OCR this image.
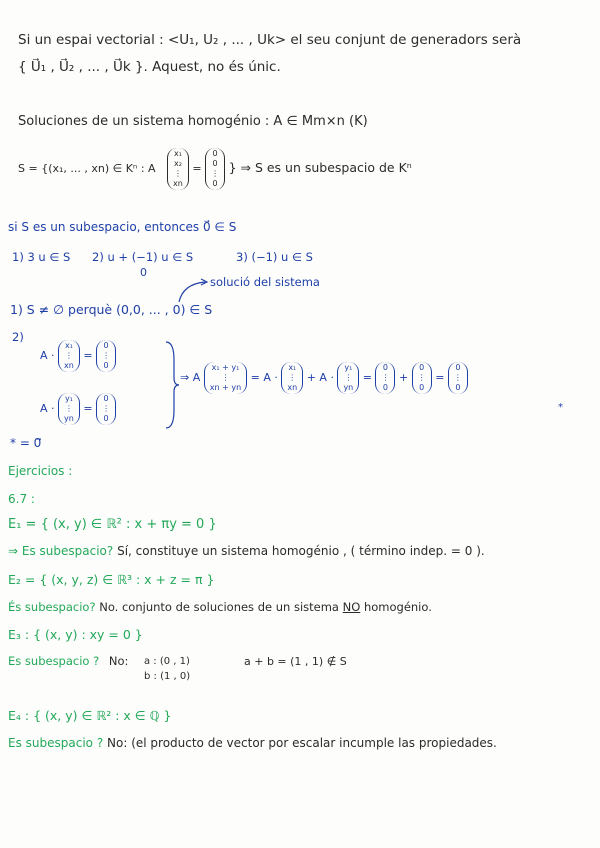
Si un espai vectorial : <U₁, U₂ , ... , Uk> el seu conjunt de generadors serà
{ U⃗₁ , U⃗₂ , ... , U⃗k }. Aquest, no és únic.
Soluciones de un sistema homogénio : A ∈ Mm×n (K)
S = {(x₁, ... , xn) ∈ Kⁿ : A
x₁
x₂
⋮
xn
=
0
0
⋮
0
} ⇒ S es un subespacio de Kⁿ
si S es un subespacio, entonces 0⃗ ∈ S
1) 3 u ∈ S 2) u + (−1) u ∈ S
0
3) (−1) u ∈ S
solució del sistema
1) S ≠ ∅ perquè (0,0, ... , 0) ∈ S
2)
A ·
x₁
⋮
xn
=
0
⋮
0
A ·
y₁
⋮
yn
=
0
⋮
0
⇒ A
x₁ + y₁
⋮
xn + yn
= A ·
x₁
⋮
xn
+ A ·
y₁
⋮
yn
=
0
⋮
0
+
0
⋮
0
=
0
⋮
0
*
* = 0⃗
Ejercicios :
6.7 :
E₁ = { (x, y) ∈ ℝ² : x + πy = 0 }
⇒ Es subespacio? Sí, constituye un sistema homogénio , ( término indep. = 0 ).
E₂ = { (x, y, z) ∈ ℝ³ : x + z = π }
És subespacio? No. conjunto de soluciones de un sistema NO homogénio.
E₃ : { (x, y) : xy = 0 }
Es subespacio ? No: a : (0 , 1)
b : (1 , 0)
a + b = (1 , 1) ∉ S
E₄ : { (x, y) ∈ ℝ² : x ∈ ℚ }
Es subespacio ? No: (el producto de vector por escalar incumple las propiedades.
